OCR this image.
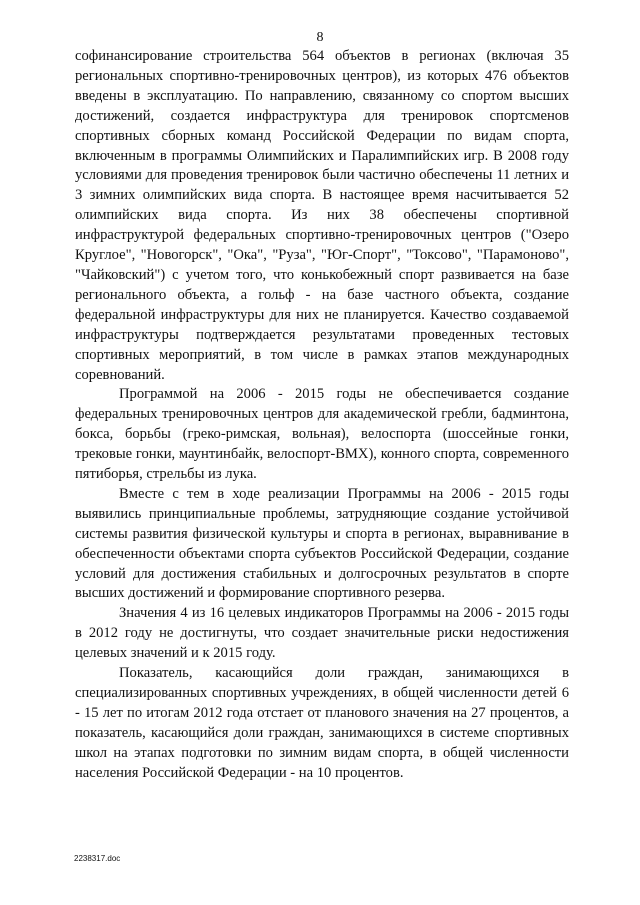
8

софинансирование строительства 564 объектов в регионах (включая 35 региональных спортивно-тренировочных центров), из которых 476 объектов введены в эксплуатацию. По направлению, связанному со спортом высших достижений, создается инфраструктура для тренировок спортсменов спортивных сборных команд Российской Федерации по видам спорта, включенным в программы Олимпийских и Паралимпийских игр. В 2008 году условиями для проведения тренировок были частично обеспечены 11 летних и 3 зимних олимпийских вида спорта. В настоящее время насчитывается 52 олимпийских вида спорта. Из них 38 обеспечены спортивной инфраструктурой федеральных спортивно-тренировочных центров ("Озеро Круглое", "Новогорск", "Ока", "Руза", "Юг-Спорт", "Токсово", "Парамоново", "Чайковский") с учетом того, что конькобежный спорт развивается на базе регионального объекта, а гольф - на базе частного объекта, создание федеральной инфраструктуры для них не планируется. Качество создаваемой инфраструктуры подтверждается результатами проведенных тестовых спортивных мероприятий, в том числе в рамках этапов международных соревнований.

Программой на 2006 - 2015 годы не обеспечивается создание федеральных тренировочных центров для академической гребли, бадминтона, бокса, борьбы (греко-римская, вольная), велоспорта (шоссейные гонки, трековые гонки, маунтинбайк, велоспорт-BMX), конного спорта, современного пятиборья, стрельбы из лука.

Вместе с тем в ходе реализации Программы на 2006 - 2015 годы выявились принципиальные проблемы, затрудняющие создание устойчивой системы развития физической культуры и спорта в регионах, выравнивание в обеспеченности объектами спорта субъектов Российской Федерации, создание условий для достижения стабильных и долгосрочных результатов в спорте высших достижений и формирование спортивного резерва.

Значения 4 из 16 целевых индикаторов Программы на 2006 - 2015 годы в 2012 году не достигнуты, что создает значительные риски недостижения целевых значений и к 2015 году.

Показатель, касающийся доли граждан, занимающихся в специализированных спортивных учреждениях, в общей численности детей 6 - 15 лет по итогам 2012 года отстает от планового значения на 27 процентов, а показатель, касающийся доли граждан, занимающихся в системе спортивных школ на этапах подготовки по зимним видам спорта, в общей численности населения Российской Федерации - на 10 процентов.

2238317.doc
